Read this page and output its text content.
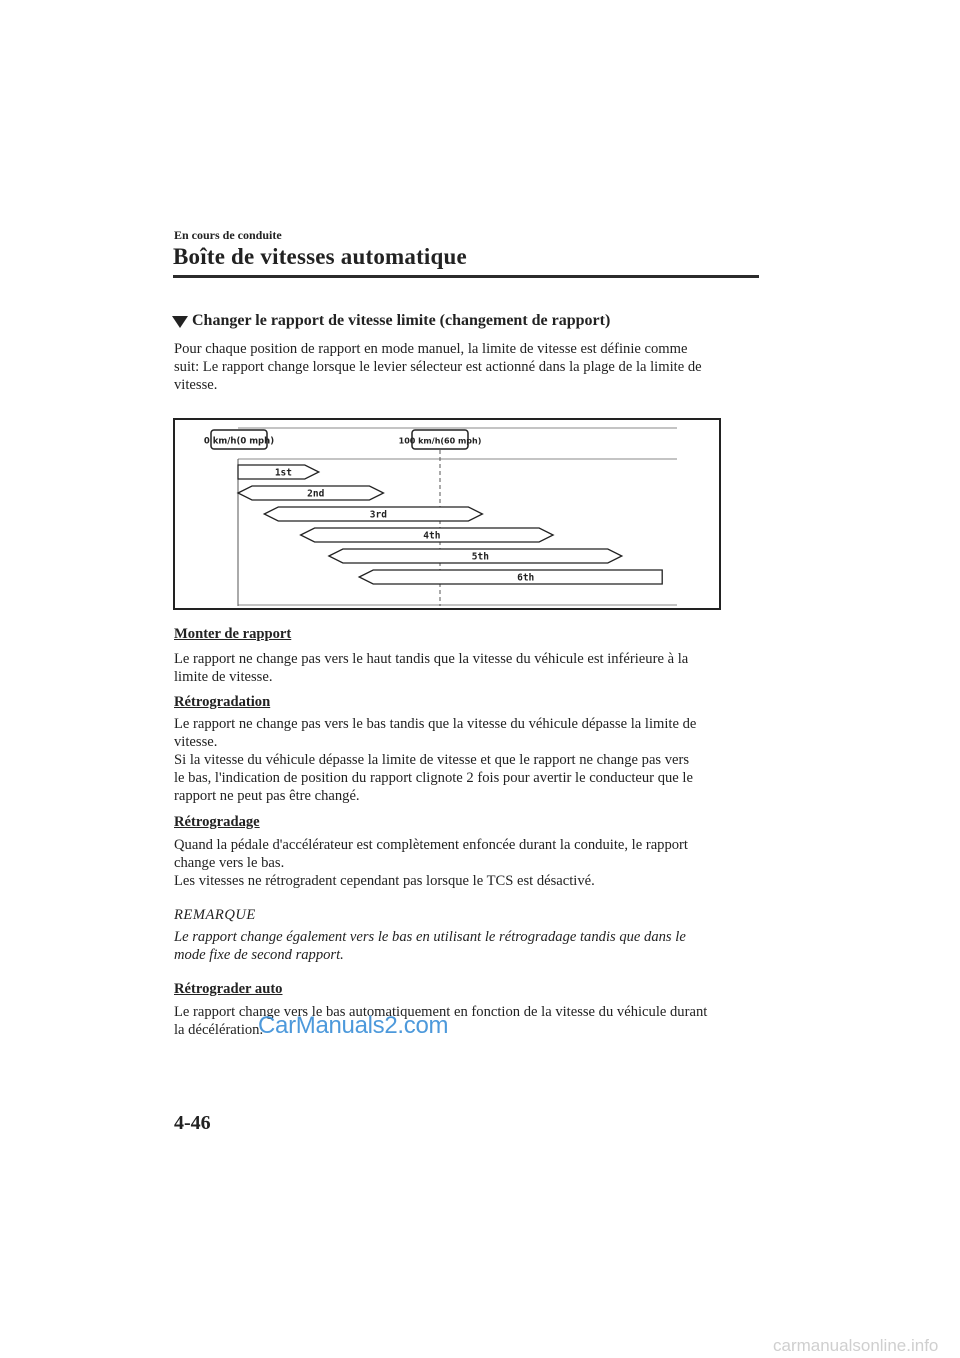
En cours de conduite
Boîte de vitesses automatique
Changer le rapport de vitesse limite (changement de rapport)
Pour chaque position de rapport en mode manuel, la limite de vitesse est définie comme
suit: Le rapport change lorsque le levier sélecteur est actionné dans la plage de la limite de
vitesse.
0 km/h(0 mph)	100 km/h(60 mph)
1st
2nd
3rd
4th
5th
6th
Monter de rapport
Le rapport ne change pas vers le haut tandis que la vitesse du véhicule est inférieure à la
limite de vitesse.
Rétrogradation
Le rapport ne change pas vers le bas tandis que la vitesse du véhicule dépasse la limite de
vitesse.
Si la vitesse du véhicule dépasse la limite de vitesse et que le rapport ne change pas vers
le bas, l'indication de position du rapport clignote 2 fois pour avertir le conducteur que le
rapport ne peut pas être changé.
Rétrogradage
Quand la pédale d'accélérateur est complètement enfoncée durant la conduite, le rapport
change vers le bas.
Les vitesses ne rétrogradent cependant pas lorsque le TCS est désactivé.
REMARQUE
Le rapport change également vers le bas en utilisant le rétrogradage tandis que dans le
mode fixe de second rapport.
Rétrograder auto
Le rapport change vers le bas automatiquement en fonction de la vitesse du véhicule durant
la décélération.
CarManuals2.com
4-46
carmanualsonline.info
